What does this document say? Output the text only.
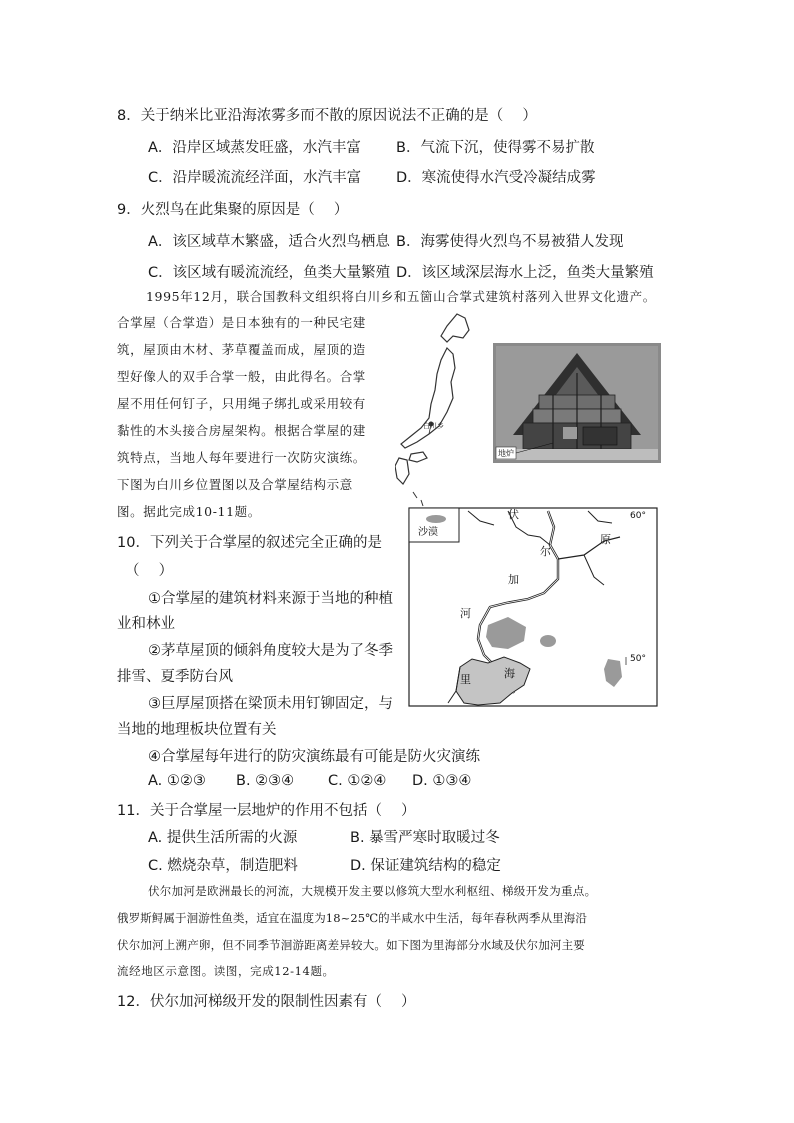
8．关于纳米比亚沿海浓雾多而不散的原因说法不正确的是（　 ）
A．沿岸区域蒸发旺盛，水汽丰富 B．气流下沉，使得雾不易扩散
C．沿岸暖流流经洋面，水汽丰富 D．寒流使得水汽受冷凝结成雾
9．火烈鸟在此集聚的原因是（　 ）
A．该区域草木繁盛，适合火烈鸟栖息 B．海雾使得火烈鸟不易被猎人发现
C．该区域有暖流流经，鱼类大量繁殖 D．该区域深层海水上泛，鱼类大量繁殖
1995年12月，联合国教科文组织将白川乡和五箇山合掌式建筑村落列入世界文化遗产。
合掌屋（合掌造）是日本独有的一种民宅建
筑，屋顶由木材、茅草覆盖而成，屋顶的造
型好像人的双手合掌一般，由此得名。合掌
屋不用任何钉子，只用绳子绑扎或采用较有
黏性的木头接合房屋架构。根据合掌屋的建
筑特点，当地人每年要进行一次防灾演练。
下图为白川乡位置图以及合掌屋结构示意
图。据此完成10-11题。
白川乡
地炉
10．下列关于合掌屋的叙述完全正确的是
（　 ）
①合掌屋的建筑材料来源于当地的种植
业和林业
②茅草屋顶的倾斜角度较大是为了冬季
排雪、夏季防台风
③巨厚屋顶搭在梁顶未用钉铆固定，与
当地的地理板块位置有关
④合掌屋每年进行的防灾演练最有可能是防火灾演练
A. ①②③ B. ②③④ C. ①②④ D. ①③④
沙漠
60°
50°
伏
尔
加
河
原
里	海
11．关于合掌屋一层地炉的作用不包括（　 ）
A. 提供生活所需的火源	B. 暴雪严寒时取暖过冬
C. 燃烧杂草，制造肥料	D. 保证建筑结构的稳定
伏尔加河是欧洲最长的河流，大规模开发主要以修筑大型水利枢纽、梯级开发为重点。
俄罗斯鲟属于洄游性鱼类，适宜在温度为18~25℃的半咸水中生活，每年春秋两季从里海沿
伏尔加河上溯产卵，但不同季节洄游距离差异较大。如下图为里海部分水域及伏尔加河主要
流经地区示意图。读图，完成12-14题。
12．伏尔加河梯级开发的限制性因素有（　 ）
